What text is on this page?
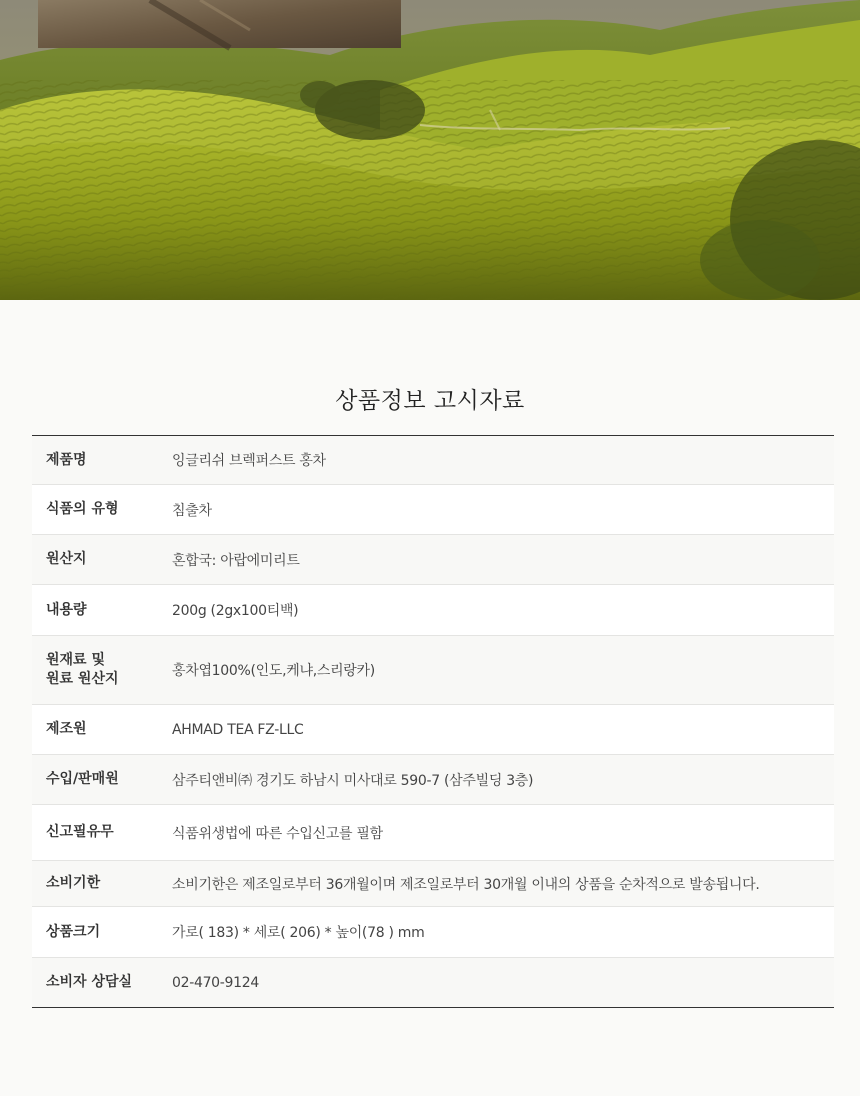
상품정보 고시자료
제품명	잉글리쉬 브렉퍼스트 홍차
식품의 유형	침출차
원산지	혼합국: 아랍에미리트
내용량	200g (2gx100티백)
원재료 및
원료 원산지	홍차엽100%(인도,케냐,스리랑카)
제조원	AHMAD TEA FZ-LLC
수입/판매원	삼주티앤비㈜ 경기도 하남시 미사대로 590-7 (삼주빌딩 3층)
신고필유무	식품위생법에 따른 수입신고를 필함
소비기한	소비기한은 제조일로부터 36개월이며 제조일로부터 30개월 이내의 상품을 순차적으로 발송됩니다.
상품크기	가로( 183) * 세로( 206) * 높이(78 ) mm
소비자 상담실	02-470-9124
